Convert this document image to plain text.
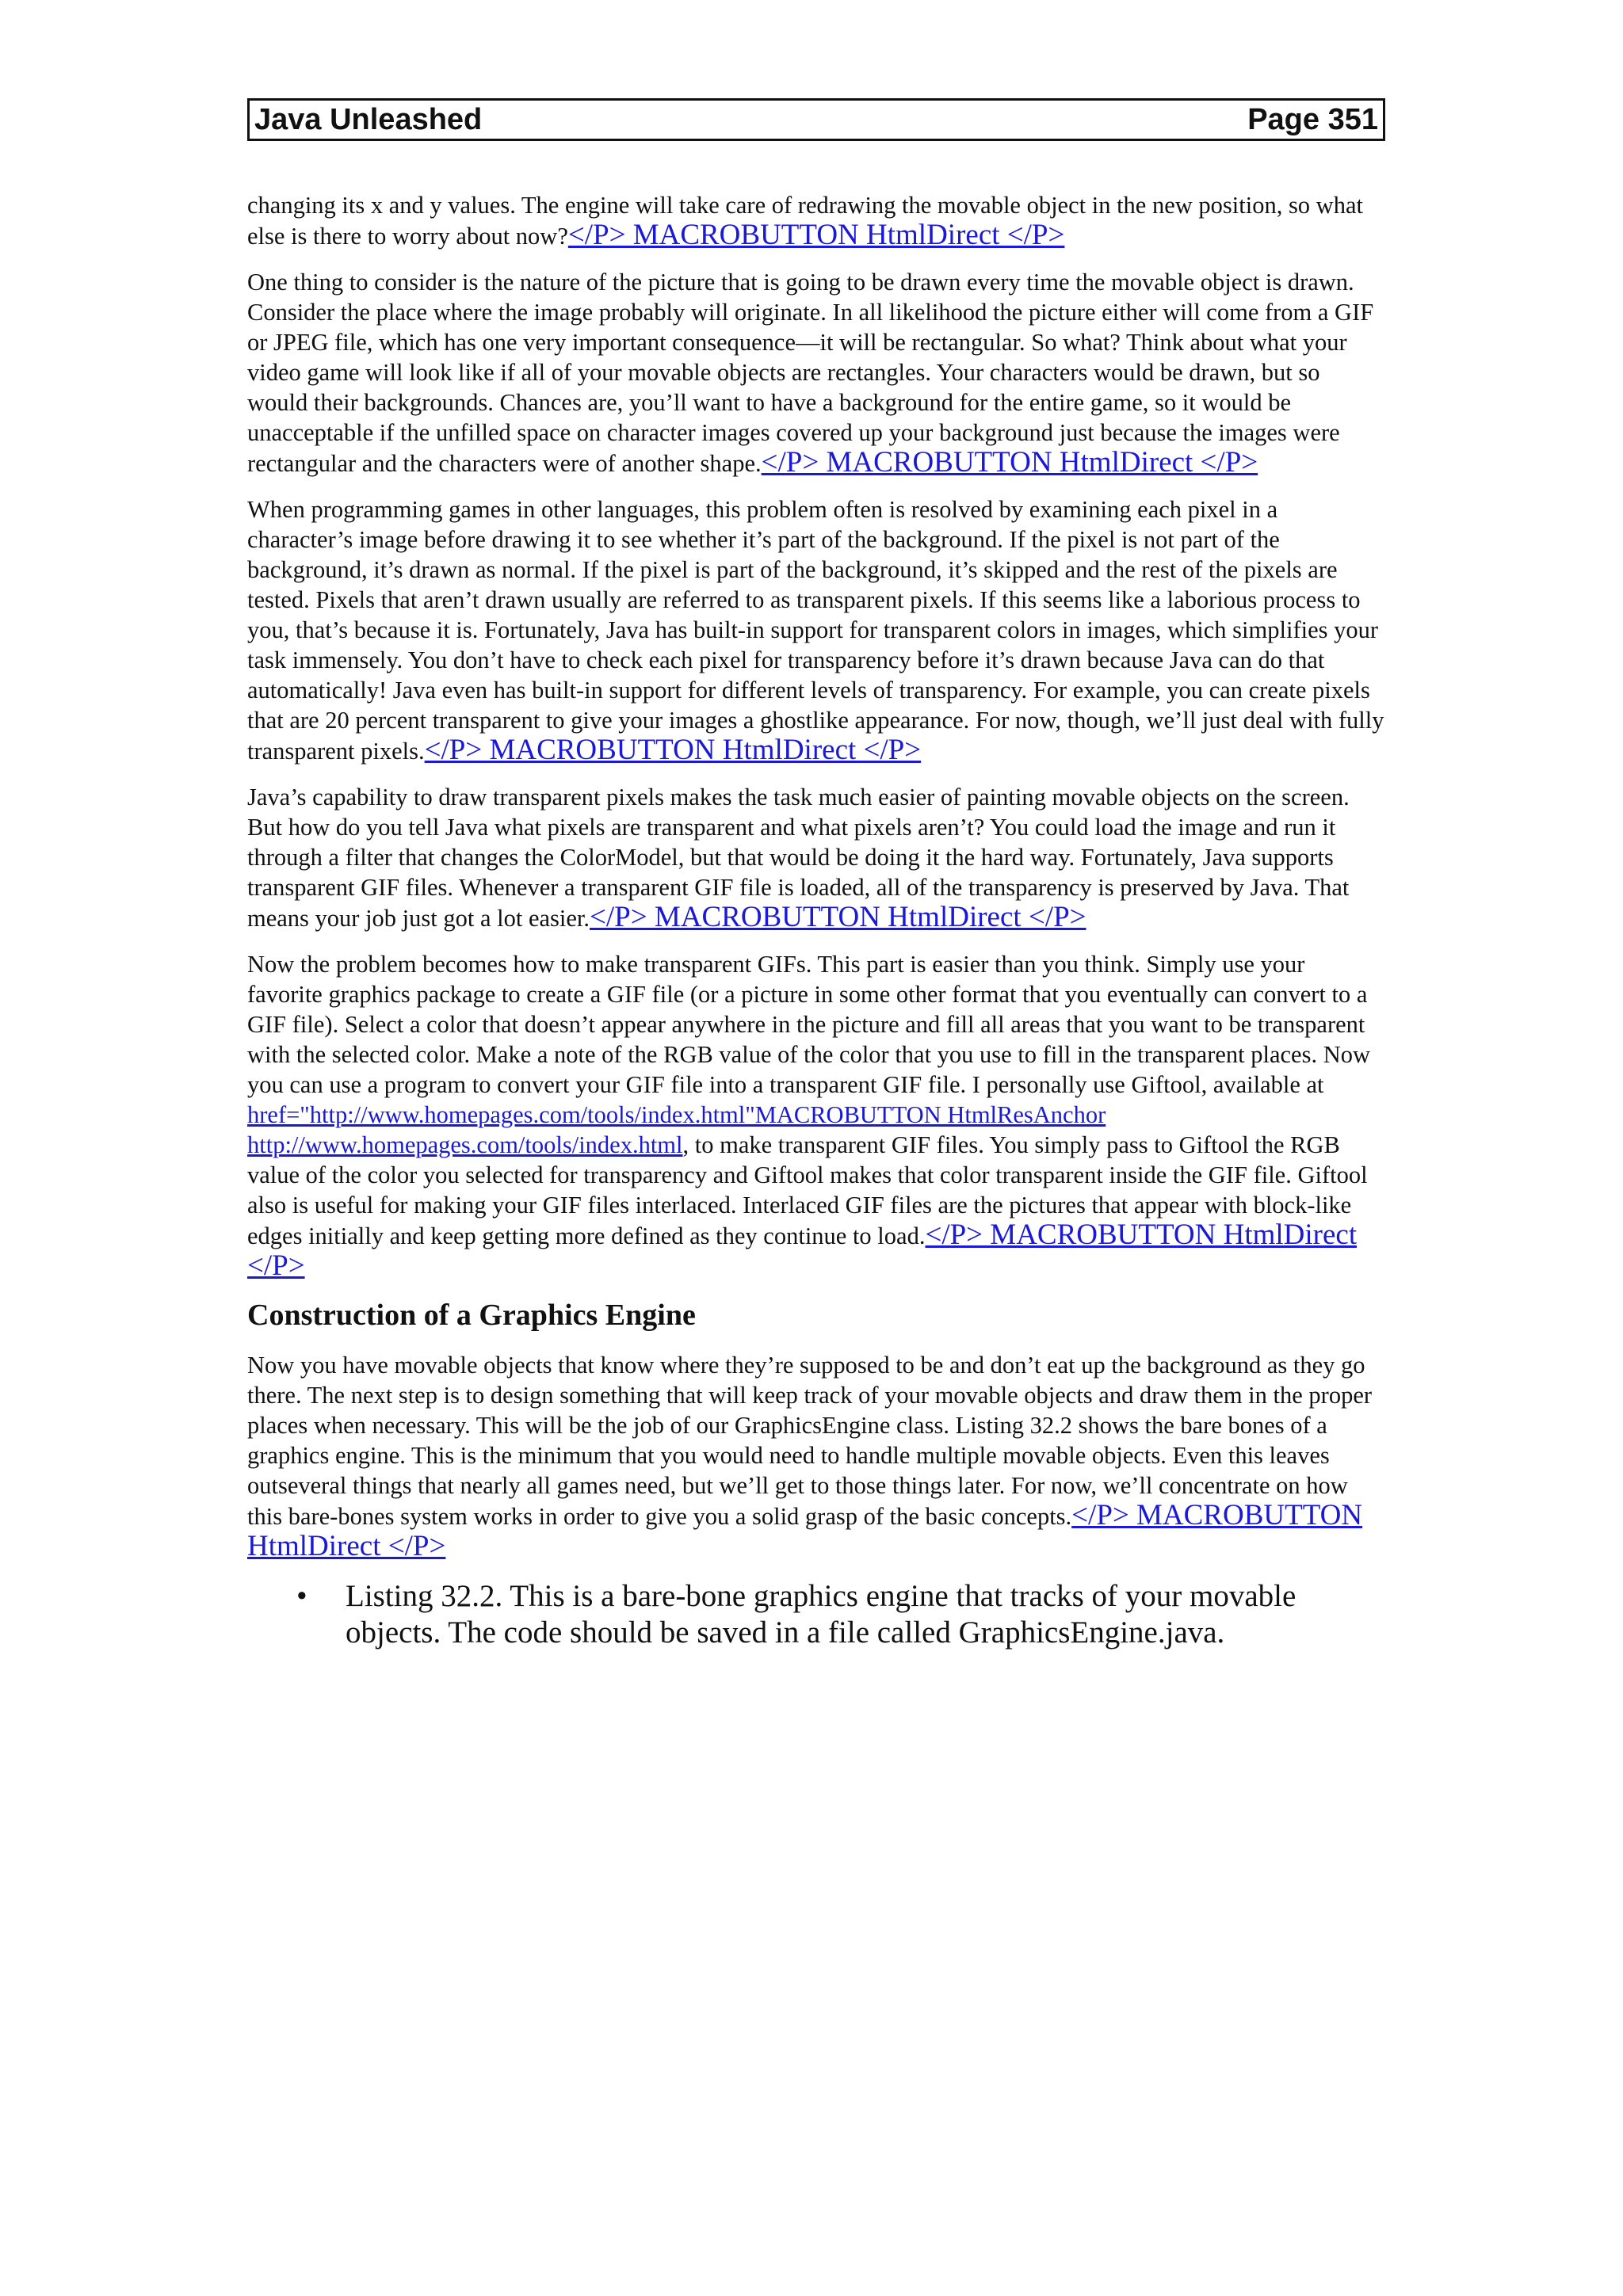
Java Unleashed	Page 351

changing its x and y values. The engine will take care of redrawing the movable object in the new position, so what else is there to worry about now?</P> MACROBUTTON HtmlDirect </P>

One thing to consider is the nature of the picture that is going to be drawn every time the movable object is drawn. Consider the place where the image probably will originate. In all likelihood the picture either will come from a GIF or JPEG file, which has one very important consequence—it will be rectangular. So what? Think about what your video game will look like if all of your movable objects are rectangles. Your characters would be drawn, but so would their backgrounds. Chances are, you’ll want to have a background for the entire game, so it would be unacceptable if the unfilled space on character images covered up your background just because the images were rectangular and the characters were of another shape.</P> MACROBUTTON HtmlDirect </P>

When programming games in other languages, this problem often is resolved by examining each pixel in a character’s image before drawing it to see whether it’s part of the background. If the pixel is not part of the background, it’s drawn as normal. If the pixel is part of the background, it’s skipped and the rest of the pixels are tested. Pixels that aren’t drawn usually are referred to as transparent pixels. If this seems like a laborious process to you, that’s because it is. Fortunately, Java has built-in support for transparent colors in images, which simplifies your task immensely. You don’t have to check each pixel for transparency before it’s drawn because Java can do that automatically! Java even has built-in support for different levels of transparency. For example, you can create pixels that are 20 percent transparent to give your images a ghostlike appearance. For now, though, we’ll just deal with fully transparent pixels.</P> MACROBUTTON HtmlDirect </P>

Java’s capability to draw transparent pixels makes the task much easier of painting movable objects on the screen. But how do you tell Java what pixels are transparent and what pixels aren’t? You could load the image and run it through a filter that changes the ColorModel, but that would be doing it the hard way. Fortunately, Java supports transparent GIF files. Whenever a transparent GIF file is loaded, all of the transparency is preserved by Java. That means your job just got a lot easier.</P> MACROBUTTON HtmlDirect </P>

Now the problem becomes how to make transparent GIFs. This part is easier than you think. Simply use your favorite graphics package to create a GIF file (or a picture in some other format that you eventually can convert to a GIF file). Select a color that doesn’t appear anywhere in the picture and fill all areas that you want to be transparent with the selected color. Make a note of the RGB value of the color that you use to fill in the transparent places. Now you can use a program to convert your GIF file into a transparent GIF file. I personally use Giftool, available at href="http://www.homepages.com/tools/index.html"MACROBUTTON HtmlResAnchor http://www.homepages.com/tools/index.html, to make transparent GIF files. You simply pass to Giftool the RGB value of the color you selected for transparency and Giftool makes that color transparent inside the GIF file. Giftool also is useful for making your GIF files interlaced. Interlaced GIF files are the pictures that appear with block-like edges initially and keep getting more defined as they continue to load.</P> MACROBUTTON HtmlDirect </P>

Construction of a Graphics Engine

Now you have movable objects that know where they’re supposed to be and don’t eat up the background as they go there. The next step is to design something that will keep track of your movable objects and draw them in the proper places when necessary. This will be the job of our GraphicsEngine class. Listing 32.2 shows the bare bones of a graphics engine. This is the minimum that you would need to handle multiple movable objects. Even this leaves outseveral things that nearly all games need, but we’ll get to those things later. For now, we’ll concentrate on how this bare-bones system works in order to give you a solid grasp of the basic concepts.</P> MACROBUTTON HtmlDirect </P>

•	Listing 32.2. This is a bare-bone graphics engine that tracks of your movable objects. The code should be saved in a file called GraphicsEngine.java.
